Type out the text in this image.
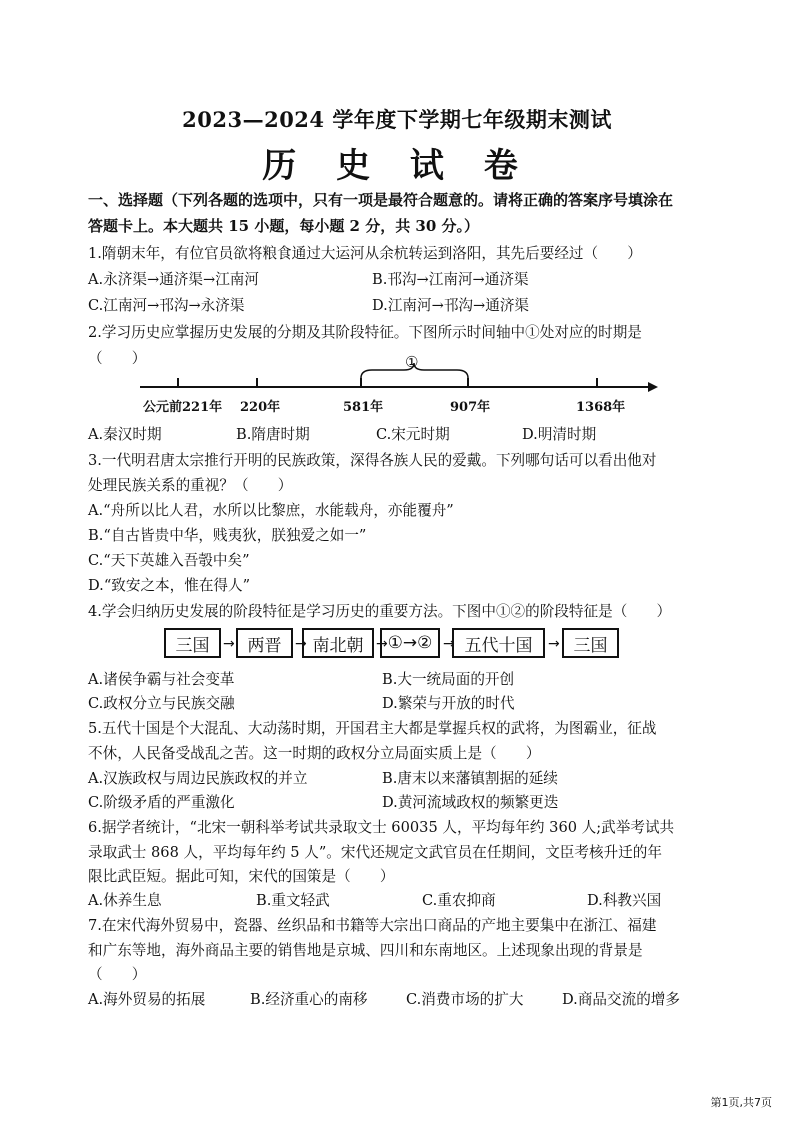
2023—2024 学年度下学期七年级期末测试
历 史 试 卷
一、选择题（下列各题的选项中，只有一项是最符合题意的。请将正确的答案序号填涂在
答题卡上。本大题共 15 小题，每小题 2 分，共 30 分。）
1.隋朝末年，有位官员欲将粮食通过大运河从余杭转运到洛阳，其先后要经过（　　）
A.永济渠→通济渠→江南河	B.邗沟→江南河→通济渠
C.江南河→邗沟→永济渠	D.江南河→邗沟→通济渠
2.学习历史应掌握历史发展的分期及其阶段特征。下图所示时间轴中①处对应的时期是
（　　）	①
公元前221年 220年	581年	907年	1368年
A.秦汉时期	B.隋唐时期	C.宋元时期	D.明清时期
3.一代明君唐太宗推行开明的民族政策，深得各族人民的爱戴。下列哪句话可以看出他对
处理民族关系的重视？（　　）
A.“舟所以比人君，水所以比黎庶，水能载舟，亦能覆舟”
B.“自古皆贵中华，贱夷狄，朕独爱之如一”
C.“天下英雄入吾彀中矣”
D.“致安之本，惟在得人”
4.学会归纳历史发展的阶段特征是学习历史的重要方法。下图中①②的阶段特征是（　　）
三国 → 两晋 → 南北朝 → ①→② → 五代十国	→ 三国
A.诸侯争霸与社会变革	B.大一统局面的开创
C.政权分立与民族交融	D.繁荣与开放的时代
5.五代十国是个大混乱、大动荡时期，开国君主大都是掌握兵权的武将，为图霸业，征战
不休，人民备受战乱之苦。这一时期的政权分立局面实质上是（　　）
A.汉族政权与周边民族政权的并立	B.唐末以来藩镇割据的延续
C.阶级矛盾的严重激化	D.黄河流域政权的频繁更迭
6.据学者统计，“北宋一朝科举考试共录取文士 60035 人，平均每年约 360 人;武举考试共
录取武士 868 人，平均每年约 5 人”。宋代还规定文武官员在任期间，文臣考核升迁的年
限比武臣短。据此可知，宋代的国策是（　　）
A.休养生息	B.重文轻武	C.重农抑商	D.科教兴国
7.在宋代海外贸易中，瓷器、丝织品和书籍等大宗出口商品的产地主要集中在浙江、福建
和广东等地，海外商品主要的销售地是京城、四川和东南地区。上述现象出现的背景是
（　　）
A.海外贸易的拓展	B.经济重心的南移	C.消费市场的扩大	D.商品交流的增多
第1页,共7页
